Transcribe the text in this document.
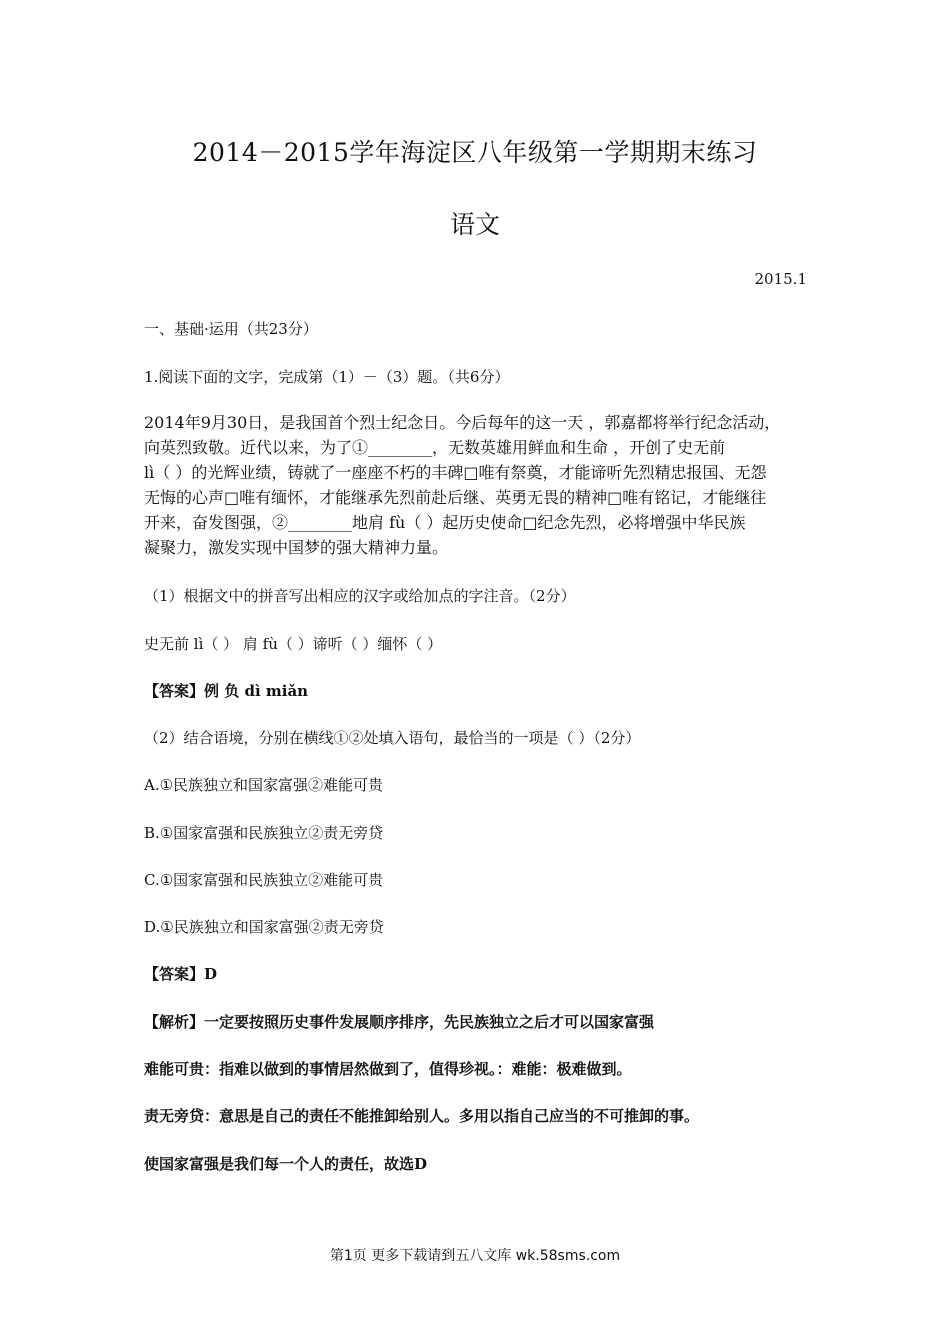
2014－2015学年海淀区八年级第一学期期末练习
语文
2015.1
一、基础·运用（共23分）
1.阅读下面的文字，完成第（1）－（3）题。（共6分）
2014年9月30日，是我国首个烈士纪念日。今后每年的这一天 ，郭嘉都将举行纪念活动，
向英烈致敬。近代以来，为了①________，无数英雄用鲜血和生命 ，开创了史无前
lì（ ）的光辉业绩，铸就了一座座不朽的丰碑□唯有祭奠，才能谛听先烈精忠报国、无怨
无悔的心声□唯有缅怀，才能继承先烈前赴后继、英勇无畏的精神□唯有铭记，才能继往
开来，奋发图强，②________地肩 fù（ ）起历史使命□纪念先烈，必将增强中华民族
凝聚力，激发实现中国梦的强大精神力量。
（1）根据文中的拼音写出相应的汉字或给加点的字注音。（2分）
史无前 lì（ ） 肩 fù（ ）谛听（ ）缅怀（ ）
【答案】例 负 dì miǎn
（2）结合语境，分别在横线①②处填入语句，最恰当的一项是（ ）（2分）
A.①民族独立和国家富强②难能可贵
B.①国家富强和民族独立②责无旁贷
C.①国家富强和民族独立②难能可贵
D.①民族独立和国家富强②责无旁贷
【答案】D
【解析】一定要按照历史事件发展顺序排序，先民族独立之后才可以国家富强
难能可贵：指难以做到的事情居然做到了，值得珍视。：难能：极难做到。
责无旁贷：意思是自己的责任不能推卸给别人。多用以指自己应当的不可推卸的事。
使国家富强是我们每一个人的责任，故选D
第1页 更多下载请到五八文库 wk.58sms.com
